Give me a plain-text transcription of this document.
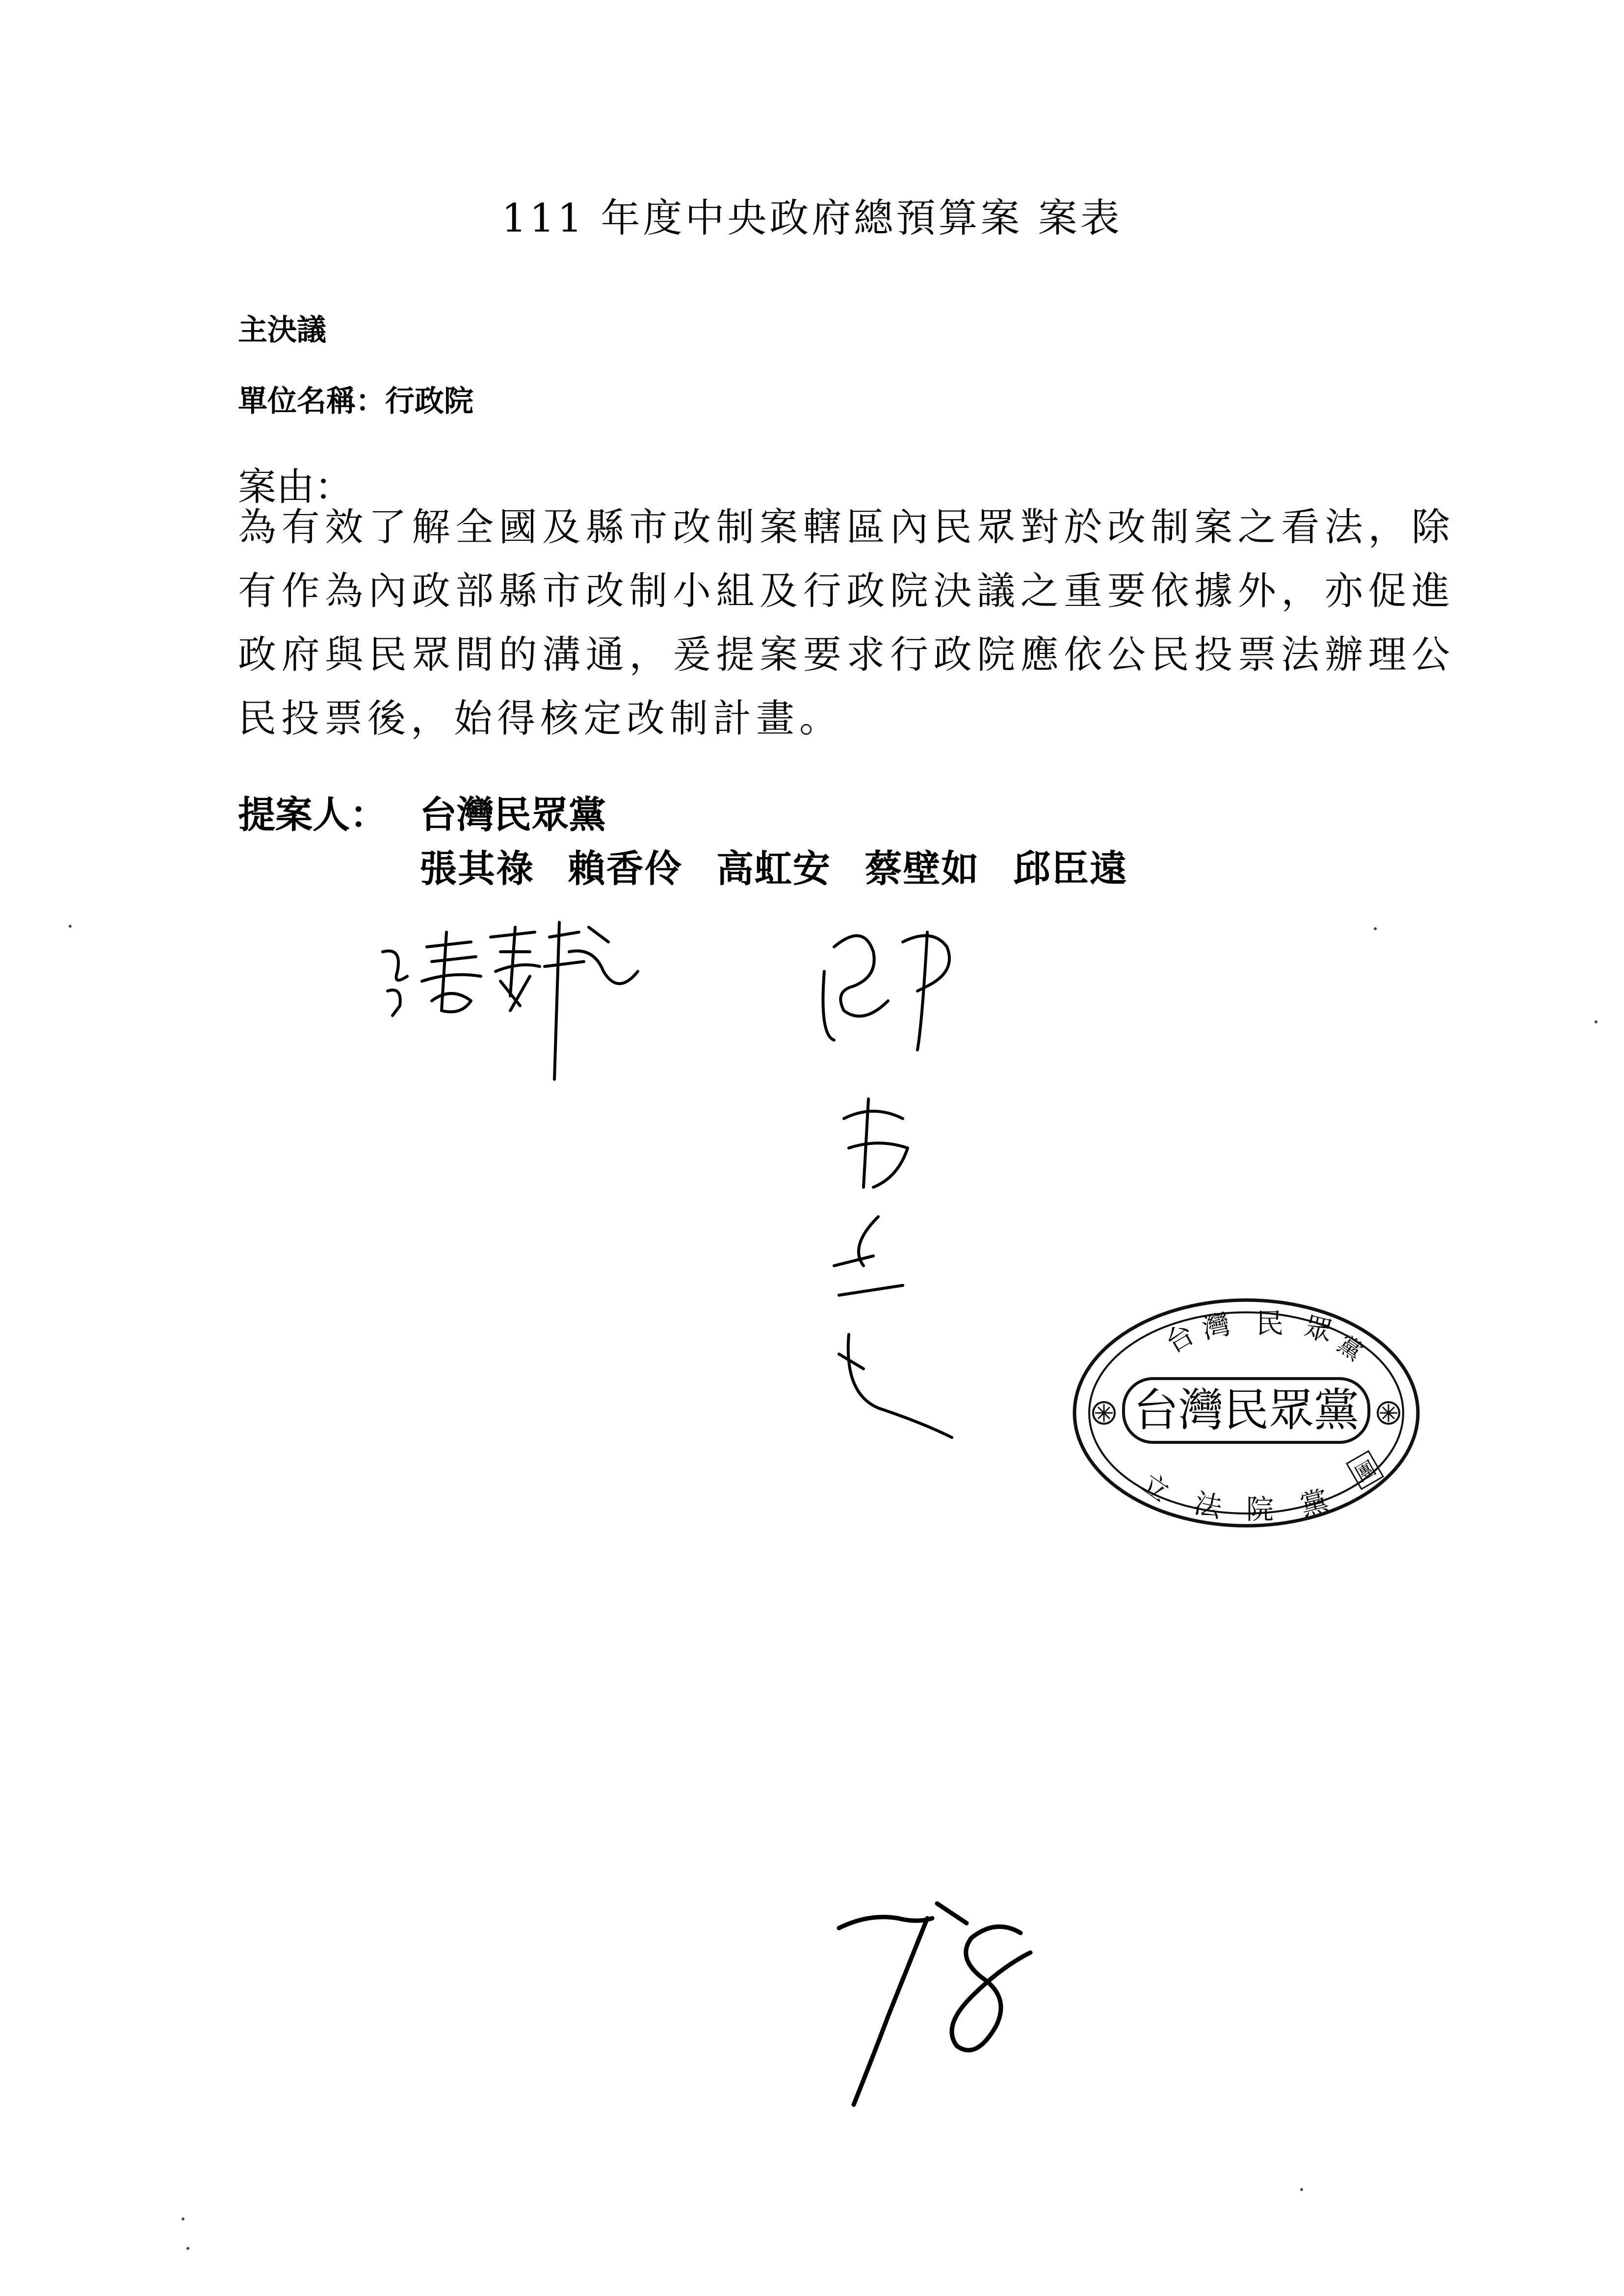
111 年度中央政府總預算案 案表
主決議
單位名稱：行政院
案由：
為有效了解全國及縣市改制案轄區內民眾對於改制案之看法，除有作為內政部縣市改制小組及行政院決議之重要依據外，亦促進政府與民眾間的溝通，爰提案要求行政院應依公民投票法辦理公民投票後，始得核定改制計畫。
提案人： 台灣民眾黨
張其祿 賴香伶 高虹安 蔡壁如 邱臣遠
台灣民眾黨
台 灣 民 眾
黨
立 法 院 黨
團
